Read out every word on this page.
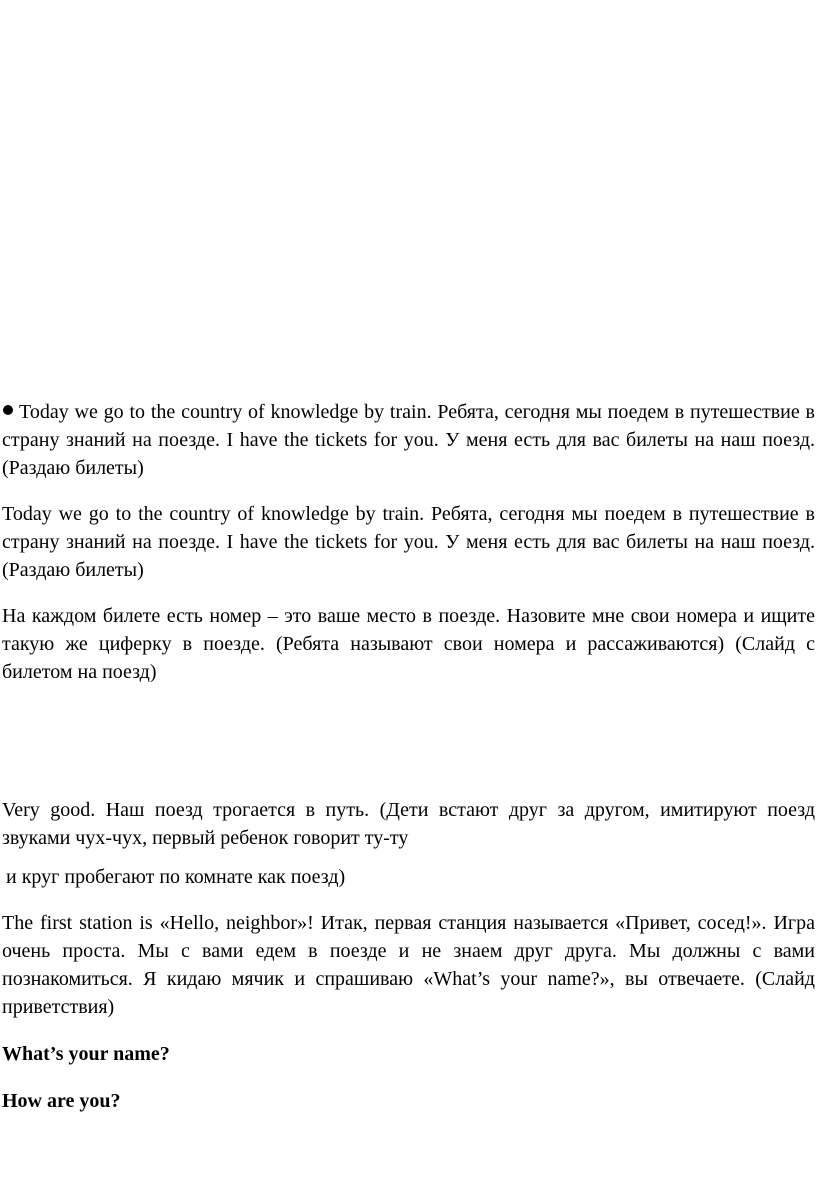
Today we go to the country of knowledge by train. Ребята, сегодня мы поедем в путешествие в страну знаний на поезде. I have the tickets for you. У меня есть для вас билеты на наш поезд. (Раздаю билеты)

Today we go to the country of knowledge by train. Ребята, сегодня мы поедем в путешествие в страну знаний на поезде. I have the tickets for you. У меня есть для вас билеты на наш поезд. (Раздаю билеты)

На каждом билете есть номер – это ваше место в поезде. Назовите мне свои номера и ищите такую же циферку в поезде. (Ребята называют свои номера и рассаживаются) (Слайд с билетом на поезд)

Very good. Наш поезд трогается в путь. (Дети встают друг за другом, имитируют поезд звуками чух-чух, первый ребенок говорит ту-ту

и круг пробегают по комнате как поезд)

The first station is «Hello, neighbor»! Итак, первая станция называется «Привет, сосед!». Игра очень проста. Мы с вами едем в поезде и не знаем друг друга. Мы должны с вами познакомиться. Я кидаю мячик и спрашиваю «What’s your name?», вы отвечаете. (Слайд приветствия)

What’s your name?

How are you?
